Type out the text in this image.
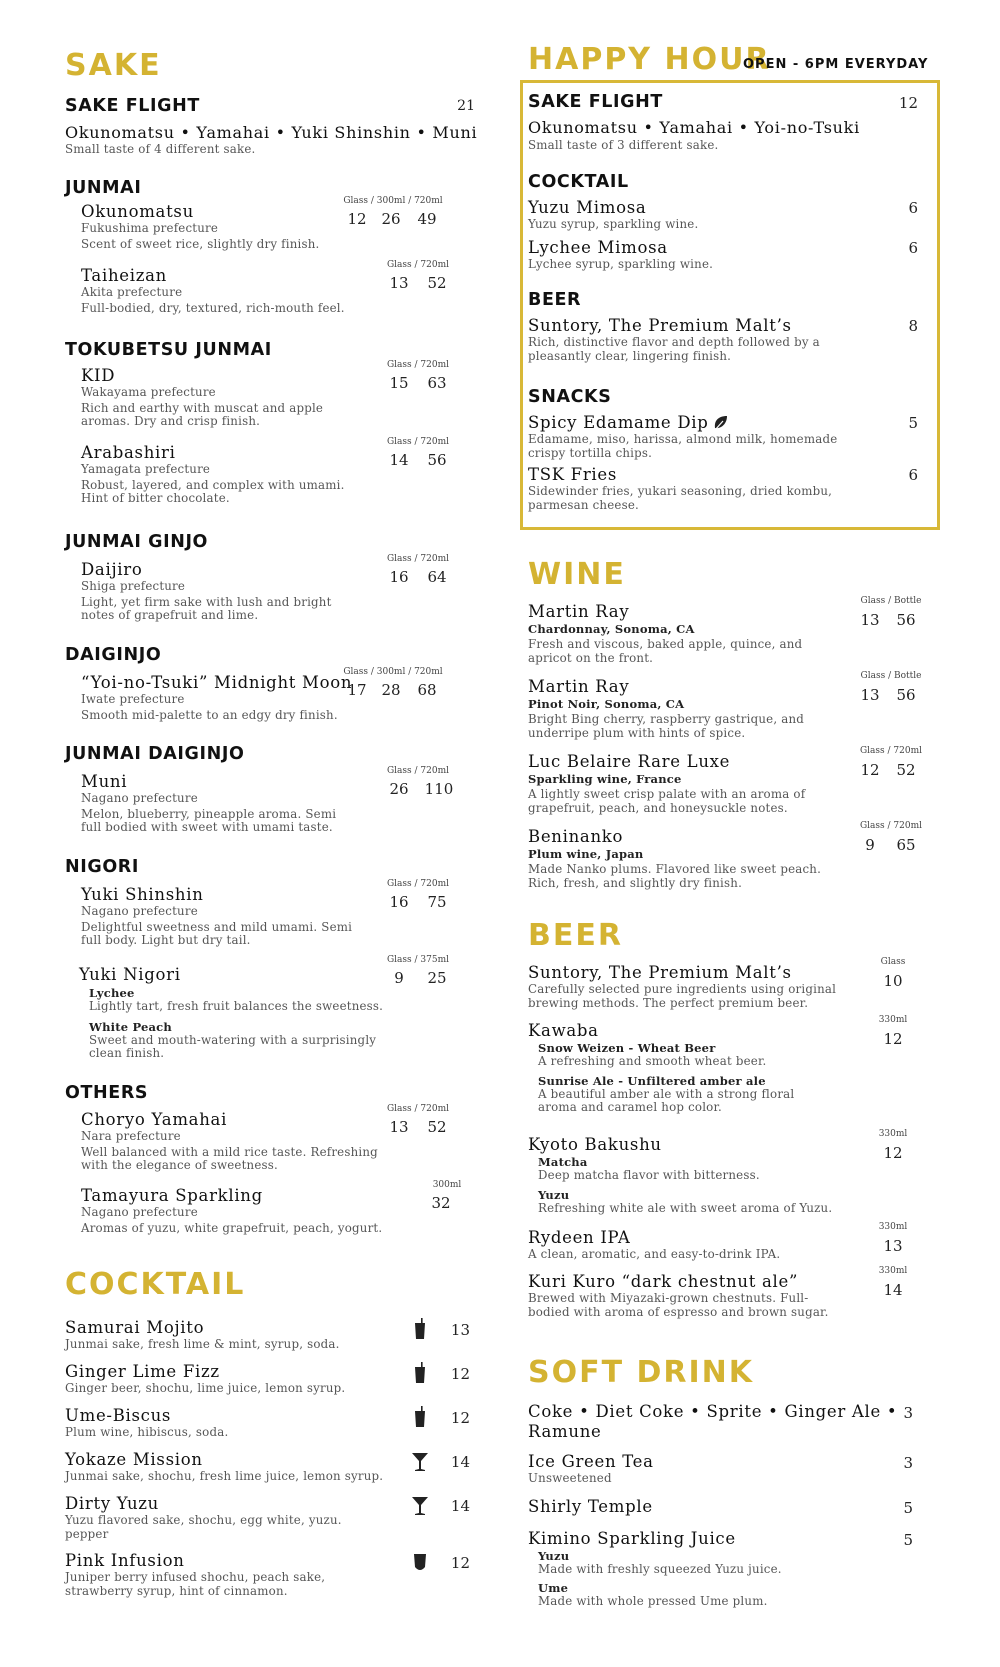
SAKE
SAKE FLIGHT	21
Okunomatsu • Yamahai • Yuki Shinshin • Muni
Small taste of 4 different sake.
JUNMAI
Okunomatsu
Fukushima prefecture
Scent of sweet rice, slightly dry finish.
Glass / 300ml / 720ml
12 26 49
Taiheizan
Akita prefecture
Full-bodied, dry, textured, rich-mouth feel.
Glass / 720ml
13 52
TOKUBETSU JUNMAI
KID
Wakayama prefecture
Rich and earthy with muscat and apple
aromas. Dry and crisp finish.
Glass / 720ml
15 63
Arabashiri
Yamagata prefecture
Robust, layered, and complex with umami.
Hint of bitter chocolate.
Glass / 720ml
14 56
JUNMAI GINJO
Daijiro
Shiga prefecture
Light, yet firm sake with lush and bright
notes of grapefruit and lime.
Glass / 720ml
16 64
DAIGINJO
“Yoi-no-Tsuki” Midnight Moon
Iwate prefecture
Smooth mid-palette to an edgy dry finish.
Glass / 300ml / 720ml
17 28 68
JUNMAI DAIGINJO
Muni
Nagano prefecture
Melon, blueberry, pineapple aroma. Semi
full bodied with sweet with umami taste.
Glass / 720ml
26 110
NIGORI
Yuki Shinshin
Nagano prefecture
Delightful sweetness and mild umami. Semi
full body. Light but dry tail.
Glass / 720ml
16 75
Yuki Nigori
Lychee
Lightly tart, fresh fruit balances the sweetness.
White Peach
Sweet and mouth-watering with a surprisingly
clean finish.
Glass / 375ml
9 25
OTHERS
Choryo Yamahai
Nara prefecture
Well balanced with a mild rice taste. Refreshing
with the elegance of sweetness.
Glass / 720ml
13 52
Tamayura Sparkling
Nagano prefecture
Aromas of yuzu, white grapefruit, peach, yogurt.
300ml
32
COCKTAIL
Samurai Mojito
Junmai sake, fresh lime & mint, syrup, soda.
13
Ginger Lime Fizz
Ginger beer, shochu, lime juice, lemon syrup.
12
Ume-Biscus
Plum wine, hibiscus, soda.
12
Yokaze Mission
Junmai sake, shochu, fresh lime juice, lemon syrup.
14
Dirty Yuzu
Yuzu flavored sake, shochu, egg white, yuzu.
pepper
14
Pink Infusion
Juniper berry infused shochu, peach sake,
strawberry syrup, hint of cinnamon.
12
HAPPY HOUR
OPEN - 6PM EVERYDAY
SAKE FLIGHT	12
Okunomatsu • Yamahai • Yoi-no-Tsuki
Small taste of 3 different sake.
COCKTAIL
Yuzu Mimosa
Yuzu syrup, sparkling wine.
6
Lychee Mimosa
Lychee syrup, sparkling wine.
6
BEER
Suntory, The Premium Malt’s
Rich, distinctive flavor and depth followed by a
pleasantly clear, lingering finish.
8
SNACKS
Spicy Edamame Dip
Edamame, miso, harissa, almond milk, homemade
crispy tortilla chips.
5
TSK Fries
Sidewinder fries, yukari seasoning, dried kombu,
parmesan cheese.
6
WINE
Martin Ray
Chardonnay, Sonoma, CA
Fresh and viscous, baked apple, quince, and
apricot on the front.
Glass / Bottle
13 56
Martin Ray
Pinot Noir, Sonoma, CA
Bright Bing cherry, raspberry gastrique, and
underripe plum with hints of spice.
Glass / Bottle
13 56
Luc Belaire Rare Luxe
Sparkling wine, France
A lightly sweet crisp palate with an aroma of
grapefruit, peach, and honeysuckle notes.
Glass / 720ml
12 52
Beninanko
Plum wine, Japan
Made Nanko plums. Flavored like sweet peach.
Rich, fresh, and slightly dry finish.
Glass / 720ml
9 65
BEER
Suntory, The Premium Malt’s
Carefully selected pure ingredients using original
brewing methods. The perfect premium beer.
Glass
10
Kawaba
Snow Weizen - Wheat Beer
A refreshing and smooth wheat beer.
Sunrise Ale - Unfiltered amber ale
A beautiful amber ale with a strong floral
aroma and caramel hop color.
330ml
12
Kyoto Bakushu
Matcha
Deep matcha flavor with bitterness.
Yuzu
Refreshing white ale with sweet aroma of Yuzu.
330ml
12
Rydeen IPA
A clean, aromatic, and easy-to-drink IPA.
330ml
13
Kuri Kuro “dark chestnut ale”
Brewed with Miyazaki-grown chestnuts. Full-
bodied with aroma of espresso and brown sugar.
330ml
14
SOFT DRINK
Coke • Diet Coke • Sprite • Ginger Ale •
Ramune
3
Ice Green Tea
Unsweetened
3
Shirly Temple	5
Kimino Sparkling Juice
Yuzu
Made with freshly squeezed Yuzu juice.
Ume
Made with whole pressed Ume plum.
5
